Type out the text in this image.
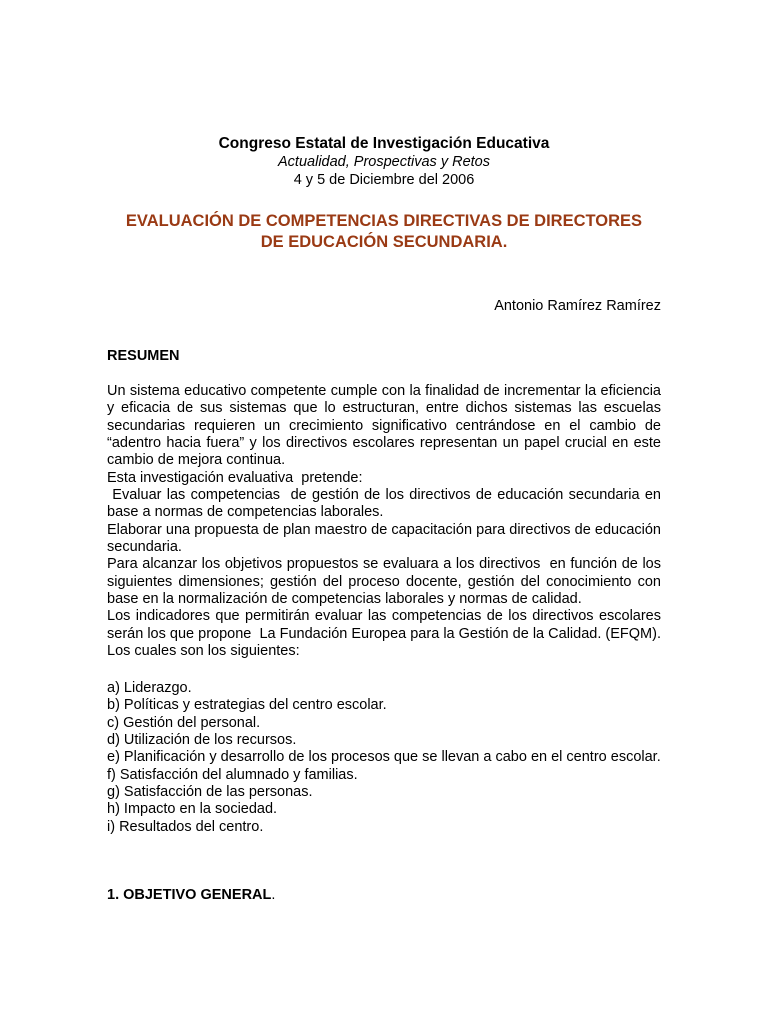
Congreso Estatal de Investigación Educativa

Actualidad, Prospectivas y Retos

4 y 5 de Diciembre del 2006

EVALUACIÓN DE COMPETENCIAS DIRECTIVAS DE DIRECTORES
DE EDUCACIÓN SECUNDARIA.

Antonio Ramírez Ramírez

RESUMEN

Un sistema educativo competente cumple con la finalidad de incrementar la eficiencia y eficacia de sus sistemas que lo estructuran, entre dichos sistemas las escuelas secundarias requieren un crecimiento significativo centrándose en el cambio de “adentro hacia fuera” y los directivos escolares representan un papel crucial en este cambio de mejora continua.

Esta investigación evaluativa  pretende:

Evaluar las competencias  de gestión de los directivos de educación secundaria en base a normas de competencias laborales.

Elaborar una propuesta de plan maestro de capacitación para directivos de educación secundaria.

Para alcanzar los objetivos propuestos se evaluara a los directivos  en función de los siguientes dimensiones; gestión del proceso docente, gestión del conocimiento con base en la normalización de competencias laborales y normas de calidad.

Los indicadores que permitirán evaluar las competencias de los directivos escolares serán los que propone  La Fundación Europea para la Gestión de la Calidad. (EFQM). Los cuales son los siguientes:

a) Liderazgo.
b) Políticas y estrategias del centro escolar.
c) Gestión del personal.
d) Utilización de los recursos.
e) Planificación y desarrollo de los procesos que se llevan a cabo en el centro escolar.
f) Satisfacción del alumnado y familias.
g) Satisfacción de las personas.
h) Impacto en la sociedad.
i) Resultados del centro.

1. OBJETIVO GENERAL.
